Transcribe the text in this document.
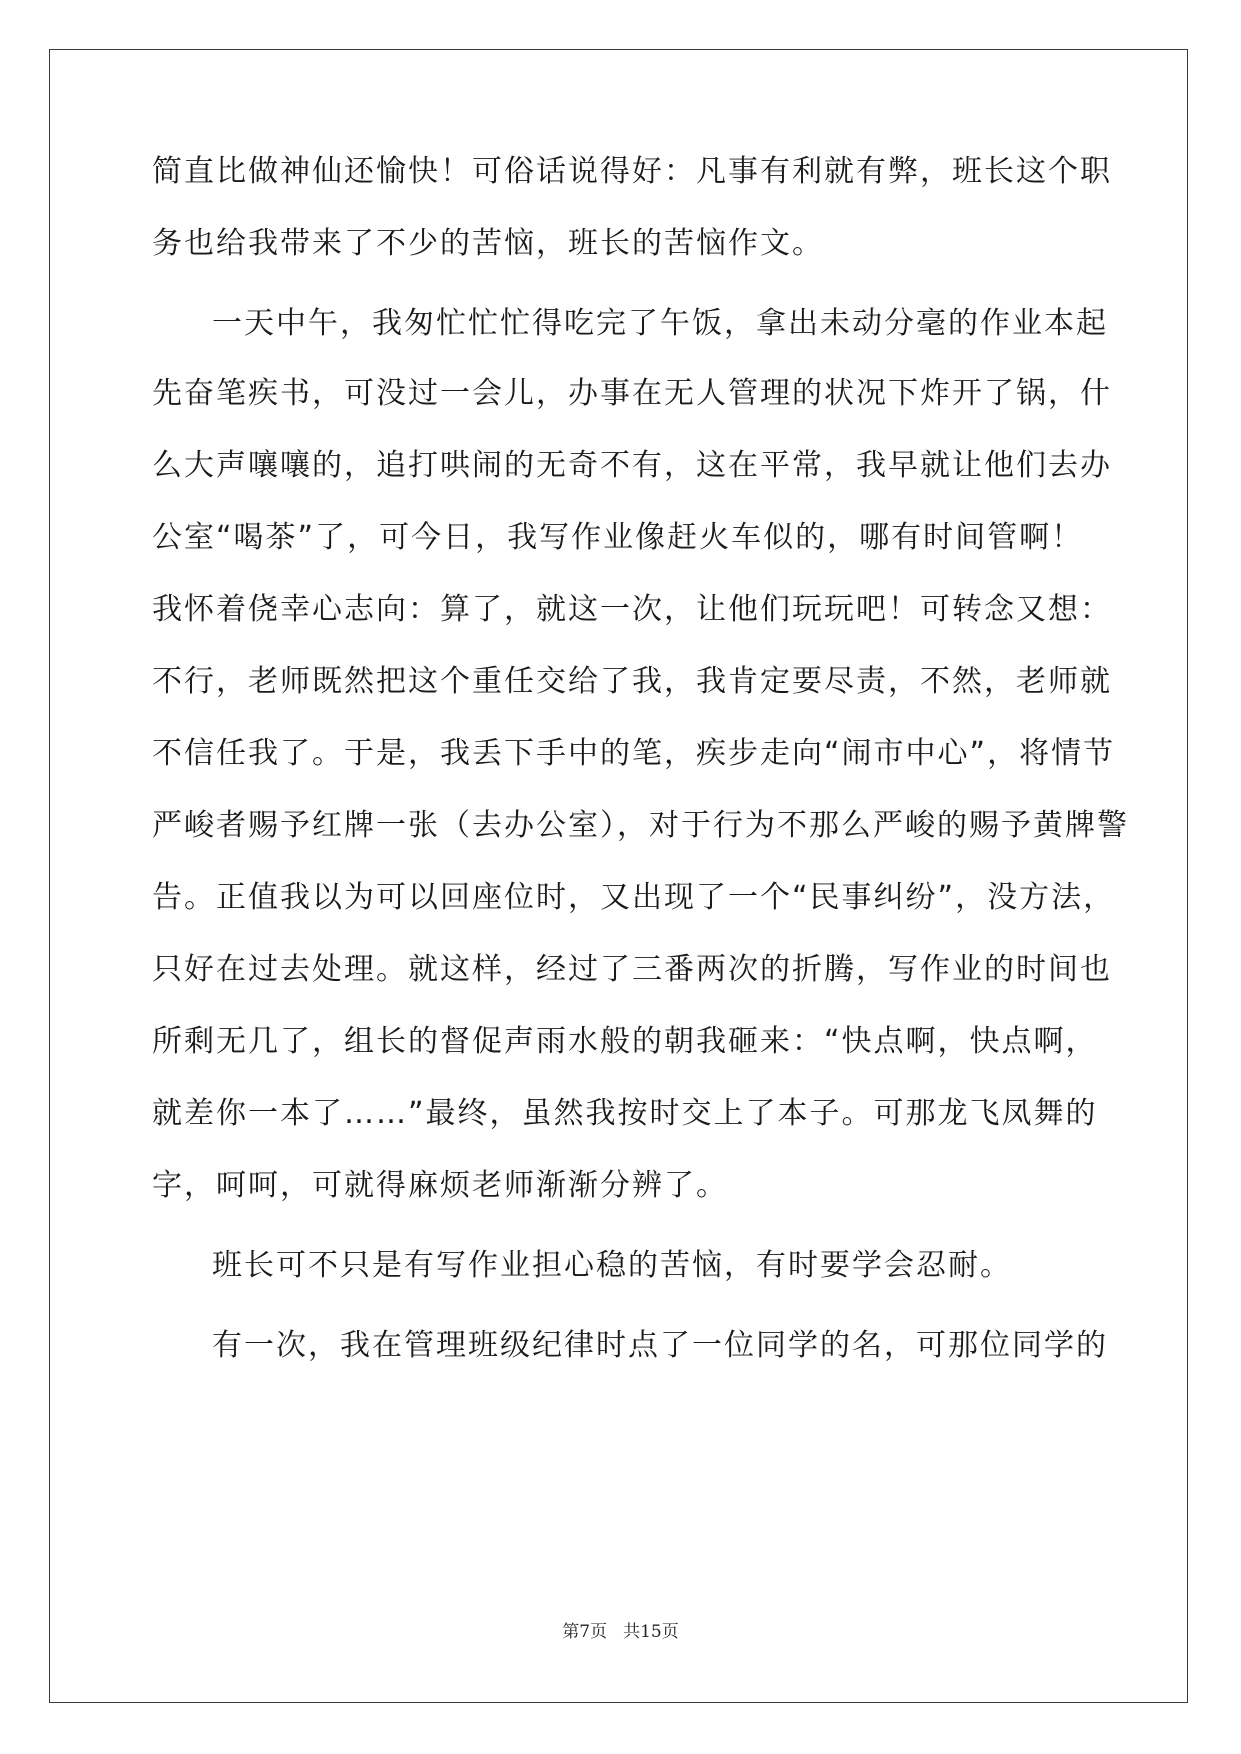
简直比做神仙还愉快！可俗话说得好：凡事有利就有弊，班长这个职
务也给我带来了不少的苦恼，班长的苦恼作文。
一天中午，我匆忙忙忙得吃完了午饭，拿出未动分毫的作业本起
先奋笔疾书，可没过一会儿，办事在无人管理的状况下炸开了锅，什
么大声嚷嚷的，追打哄闹的无奇不有，这在平常，我早就让他们去办
公室“喝茶”了，可今日，我写作业像赶火车似的，哪有时间管啊！
我怀着侥幸心志向：算了，就这一次，让他们玩玩吧！可转念又想：
不行，老师既然把这个重任交给了我，我肯定要尽责，不然，老师就
不信任我了。于是，我丢下手中的笔，疾步走向“闹市中心”，将情节
严峻者赐予红牌一张（去办公室），对于行为不那么严峻的赐予黄牌警
告。正值我以为可以回座位时，又出现了一个“民事纠纷”，没方法，
只好在过去处理。就这样，经过了三番两次的折腾，写作业的时间也
所剩无几了，组长的督促声雨水般的朝我砸来：“快点啊，快点啊，
就差你一本了……”最终，虽然我按时交上了本子。可那龙飞凤舞的
字，呵呵，可就得麻烦老师渐渐分辨了。
班长可不只是有写作业担心稳的苦恼，有时要学会忍耐。
有一次，我在管理班级纪律时点了一位同学的名，可那位同学的
第7页 共15页
